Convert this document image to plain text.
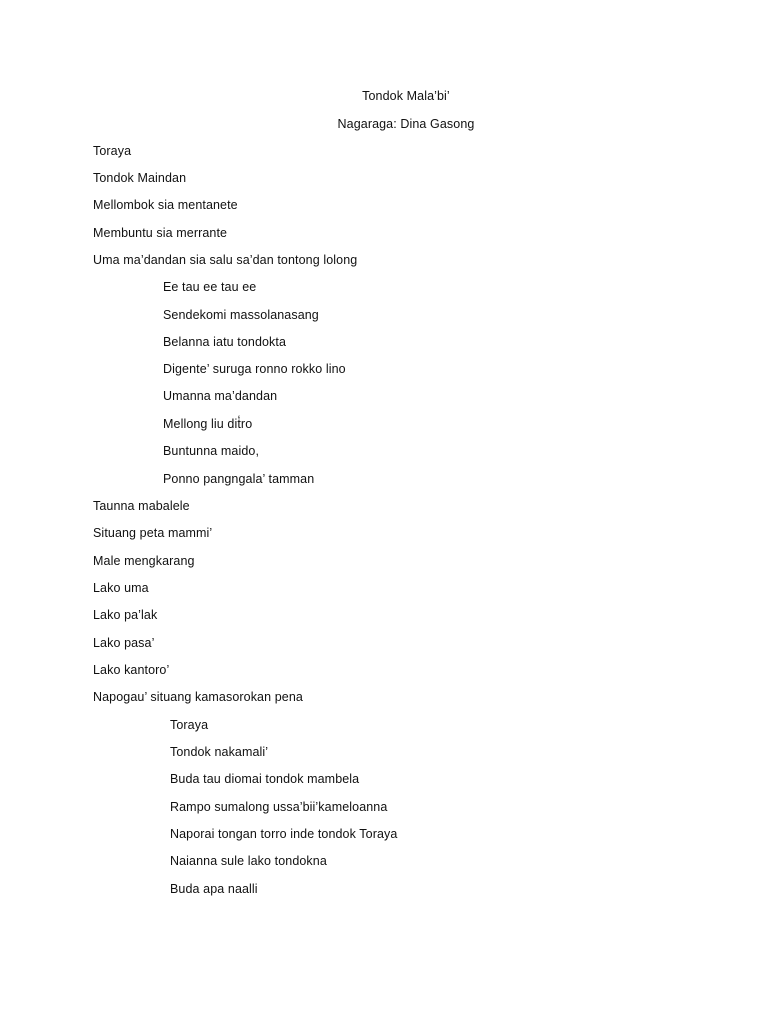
Tondok Mala’bi’
Nagaraga: Dina Gasong
Toraya
Tondok Maindan
Mellombok sia mentanete
Membuntu sia merrante
Uma ma’dandan sia salu sa’dan tontong lolong
Ee tau ee tau ee
Sendekomi massolanasang
Belanna iatu tondokta
Digente’ suruga ronno rokko lino
Umanna ma’dandan
Mellong liu dit̒ro
Buntunna maido,
Ponno pangngala’ tamman
Taunna mabalele
Situang peta mammi’
Male mengkarang
Lako uma
Lako pa’lak
Lako pasa’
Lako kantoro’
Napogau’ situang kamasorokan pena
Toraya
Tondok nakamali’
Buda tau diomai tondok mambela
Rampo sumalong ussa’bii’kameloanna
Naporai tongan torro inde tondok Toraya
Naianna sule lako tondokna
Buda apa naalli
